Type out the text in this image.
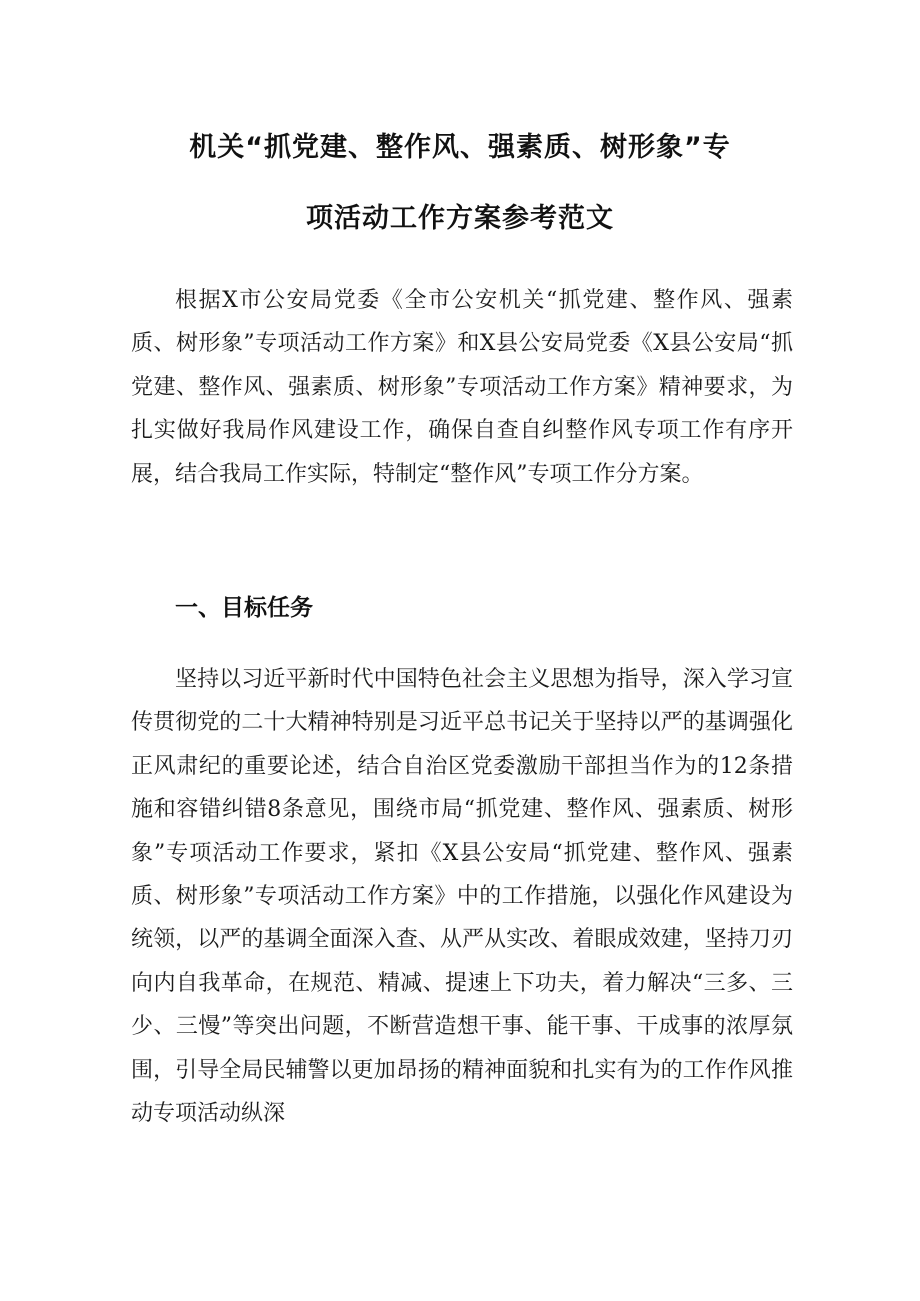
机关“抓党建、整作风、强素质、树形象”专
项活动工作方案参考范文

根据X市公安局党委《全市公安机关“抓党建、整作风、强素质、树形象”专项活动工作方案》和X县公安局党委《X县公安局“抓党建、整作风、强素质、树形象”专项活动工作方案》精神要求，为扎实做好我局作风建设工作，确保自查自纠整作风专项工作有序开展，结合我局工作实际，特制定“整作风”专项工作分方案。

一、目标任务

坚持以习近平新时代中国特色社会主义思想为指导，深入学习宣传贯彻党的二十大精神特别是习近平总书记关于坚持以严的基调强化正风肃纪的重要论述，结合自治区党委激励干部担当作为的12条措施和容错纠错8条意见，围绕市局“抓党建、整作风、强素质、树形象”专项活动工作要求，紧扣《X县公安局“抓党建、整作风、强素质、树形象”专项活动工作方案》中的工作措施，以强化作风建设为统领，以严的基调全面深入查、从严从实改、着眼成效建，坚持刀刃向内自我革命，在规范、精减、提速上下功夫，着力解决“三多、三少、三慢”等突出问题，不断营造想干事、能干事、干成事的浓厚氛围，引导全局民辅警以更加昂扬的精神面貌和扎实有为的工作作风推动专项活动纵深
